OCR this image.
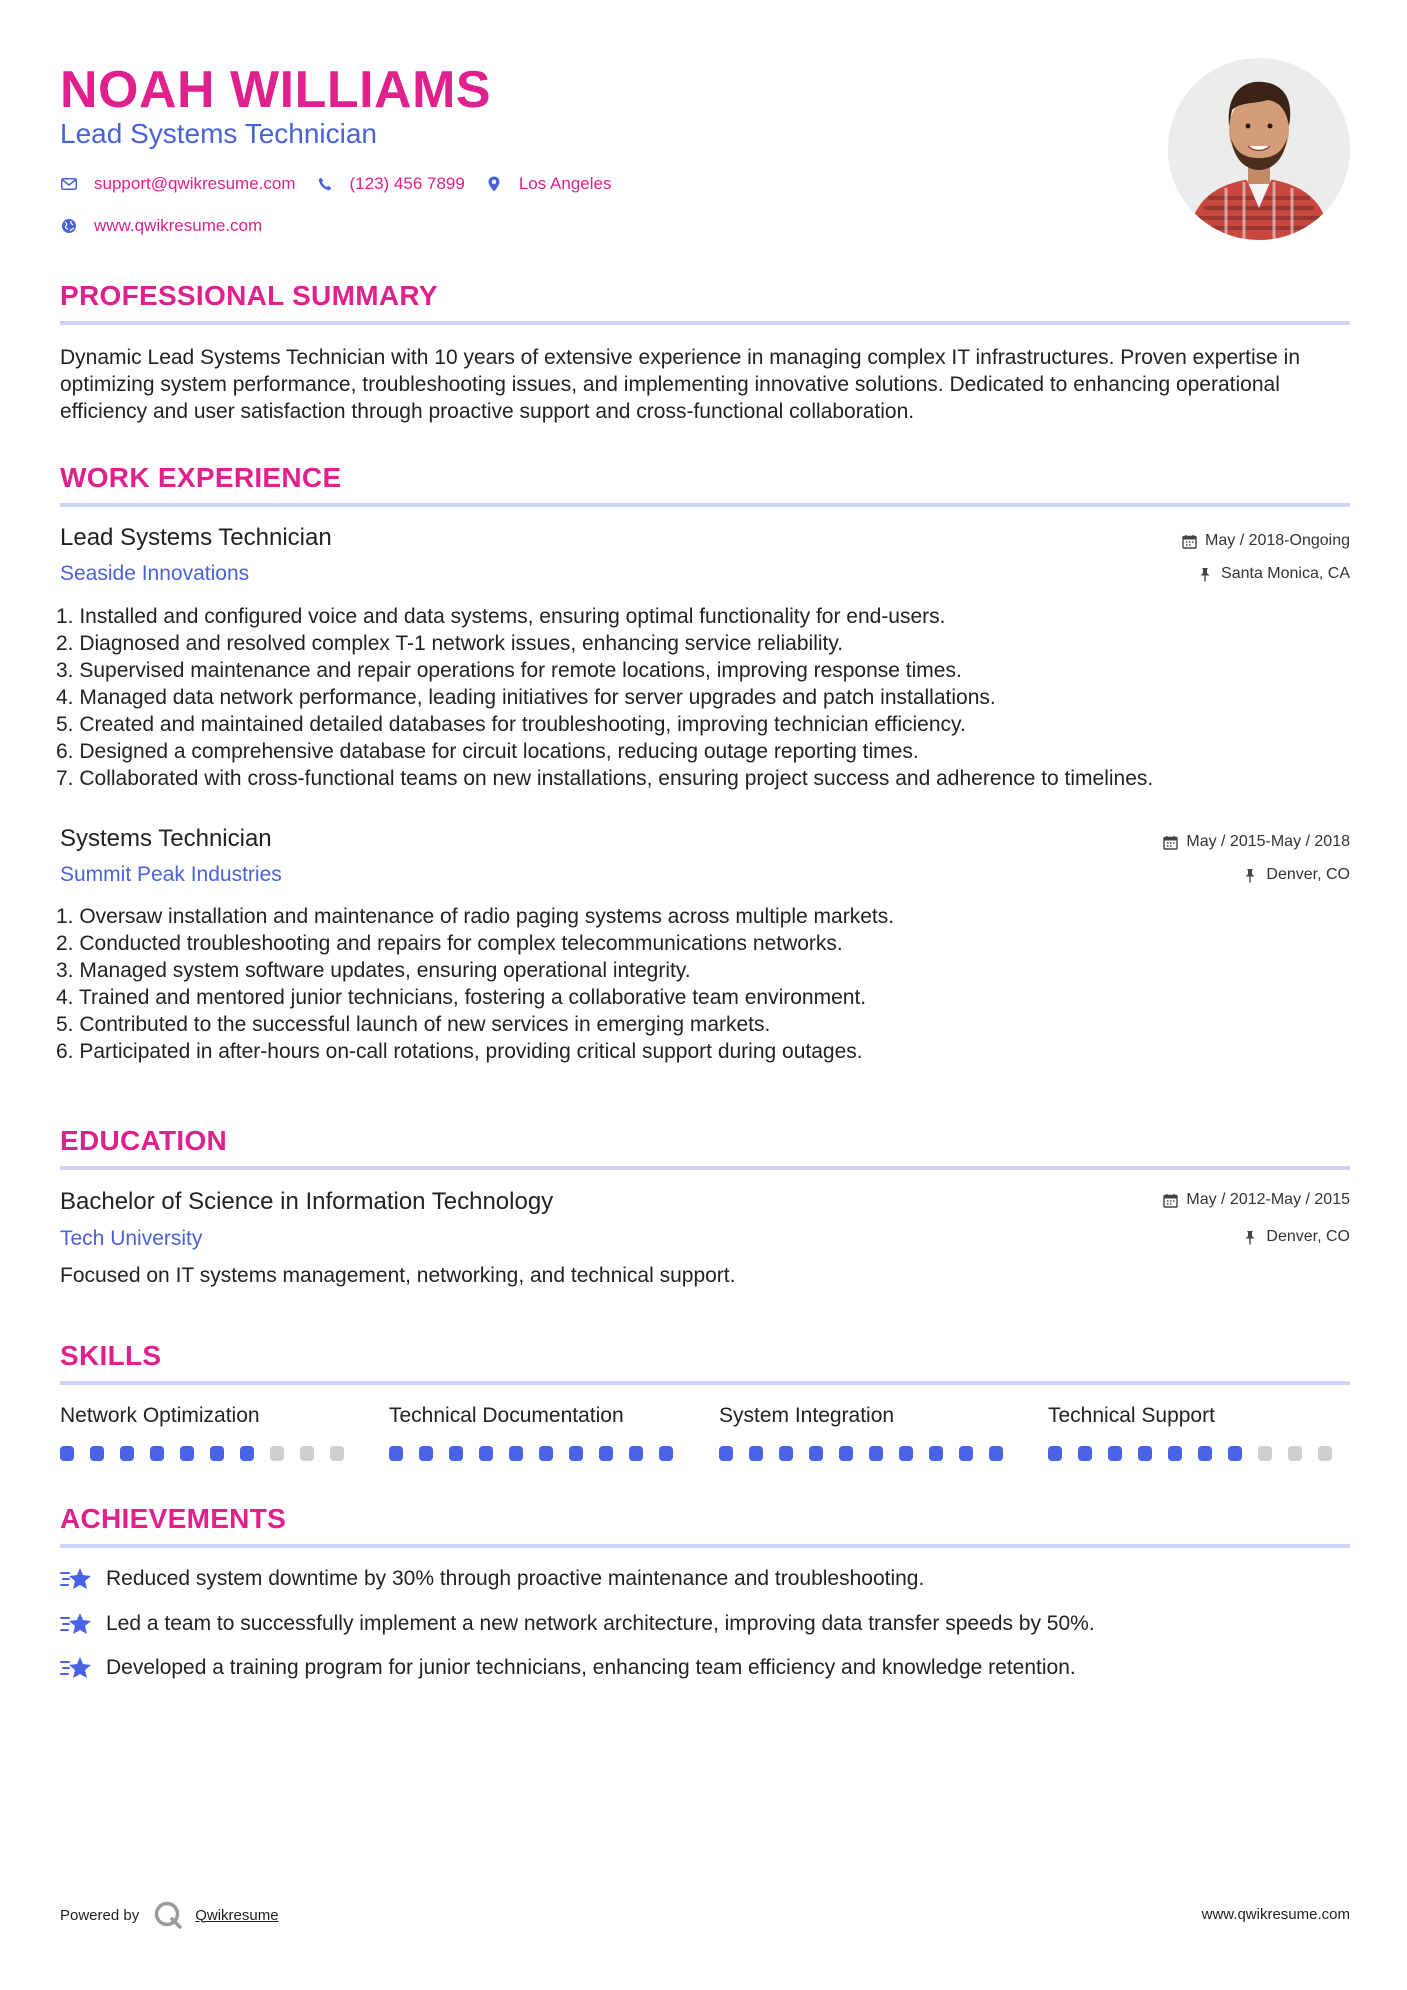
NOAH WILLIAMS
Lead Systems Technician
support@qwikresume.com	(123) 456 7899	Los Angeles
www.qwikresume.com
PROFESSIONAL SUMMARY
Dynamic Lead Systems Technician with 10 years of extensive experience in managing complex IT infrastructures. Proven expertise in optimizing system performance, troubleshooting issues, and implementing innovative solutions. Dedicated to enhancing operational efficiency and user satisfaction through proactive support and cross-functional collaboration.
WORK EXPERIENCE
Lead Systems Technician
Seaside Innovations
May / 2018-Ongoing
Santa Monica, CA
1. Installed and configured voice and data systems, ensuring optimal functionality for end-users.
2. Diagnosed and resolved complex T-1 network issues, enhancing service reliability.
3. Supervised maintenance and repair operations for remote locations, improving response times.
4. Managed data network performance, leading initiatives for server upgrades and patch installations.
5. Created and maintained detailed databases for troubleshooting, improving technician efficiency.
6. Designed a comprehensive database for circuit locations, reducing outage reporting times.
7. Collaborated with cross-functional teams on new installations, ensuring project success and adherence to timelines.
Systems Technician
Summit Peak Industries
May / 2015-May / 2018
Denver, CO
1. Oversaw installation and maintenance of radio paging systems across multiple markets.
2. Conducted troubleshooting and repairs for complex telecommunications networks.
3. Managed system software updates, ensuring operational integrity.
4. Trained and mentored junior technicians, fostering a collaborative team environment.
5. Contributed to the successful launch of new services in emerging markets.
6. Participated in after-hours on-call rotations, providing critical support during outages.
EDUCATION
Bachelor of Science in Information Technology
Tech University
May / 2012-May / 2015
Denver, CO
Focused on IT systems management, networking, and technical support.
SKILLS
Network Optimization	Technical Documentation	System Integration	Technical Support
ACHIEVEMENTS
Reduced system downtime by 30% through proactive maintenance and troubleshooting.
Led a team to successfully implement a new network architecture, improving data transfer speeds by 50%.
Developed a training program for junior technicians, enhancing team efficiency and knowledge retention.
Powered by	Qwikresume	www.qwikresume.com
